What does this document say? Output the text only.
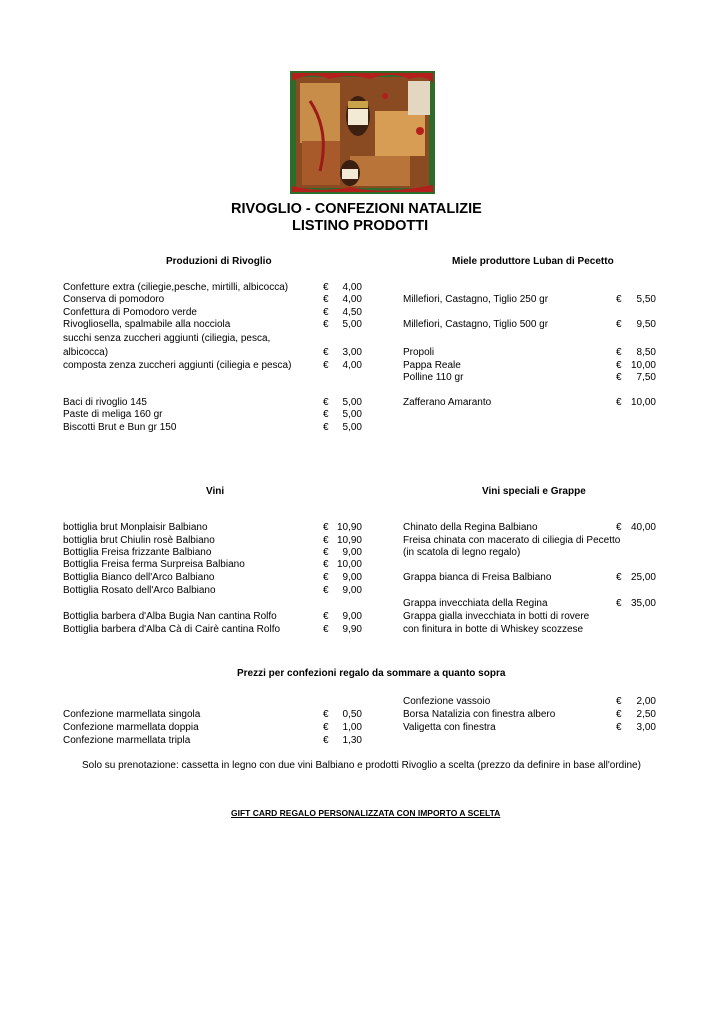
RIVOGLIO - CONFEZIONI NATALIZIE
LISTINO PRODOTTI
Produzioni di Rivoglio	Miele produttore Luban di Pecetto
Confetture extra (ciliegie,pesche, mirtilli, albicocca)	€ 4,00
Conserva di pomodoro	€ 4,00
Confettura di Pomodoro verde	€ 4,50
Rivogliosella, spalmabile alla nocciola	€ 5,00
succhi senza zuccheri aggiunti (ciliegia, pesca,
albicocca)	€ 3,00
composta zenza zuccheri aggiunti (ciliegia e pesca)	€ 4,00
Baci di rivoglio 145	€ 5,00
Paste di meliga 160 gr	€ 5,00
Biscotti Brut e Bun gr 150	€ 5,00
Millefiori, Castagno, Tiglio 250 gr	€ 5,50
Millefiori, Castagno, Tiglio 500 gr	€ 9,50
Propoli	€ 8,50
Pappa Reale	€ 10,00
Polline 110 gr	€ 7,50
Zafferano Amaranto	€ 10,00
Vini	Vini speciali e Grappe
bottiglia brut Monplaisir Balbiano	€ 10,90
bottiglia brut Chiulin rosè Balbiano	€ 10,90
Bottiglia Freisa frizzante Balbiano	€ 9,00
Bottiglia Freisa ferma Surpreisa Balbiano	€ 10,00
Bottiglia Bianco dell'Arco Balbiano	€ 9,00
Bottiglia Rosato dell'Arco Balbiano	€ 9,00
Bottiglia barbera d'Alba Bugia Nan cantina Rolfo	€ 9,00
Bottiglia barbera d'Alba Cà di Cairè cantina Rolfo	€ 9,90
Chinato della Regina Balbiano	€ 40,00
Freisa chinata con macerato di ciliegia di Pecetto
(in scatola di legno regalo)
Grappa bianca di Freisa Balbiano	€ 25,00
Grappa invecchiata della Regina	€ 35,00
Grappa gialla invecchiata in botti di rovere
con finitura in botte di Whiskey scozzese
Prezzi per confezioni regalo da sommare a quanto sopra
Confezione marmellata singola	€ 0,50
Confezione marmellata doppia	€ 1,00
Confezione marmellata tripla	€ 1,30
Confezione vassoio	€ 2,00
Borsa Natalizia con finestra albero	€ 2,50
Valigetta con finestra	€ 3,00
Solo su prenotazione: cassetta in legno con due vini Balbiano e prodotti Rivoglio a scelta (prezzo da definire in base all'ordine)
GIFT CARD REGALO PERSONALIZZATA CON IMPORTO A SCELTA
